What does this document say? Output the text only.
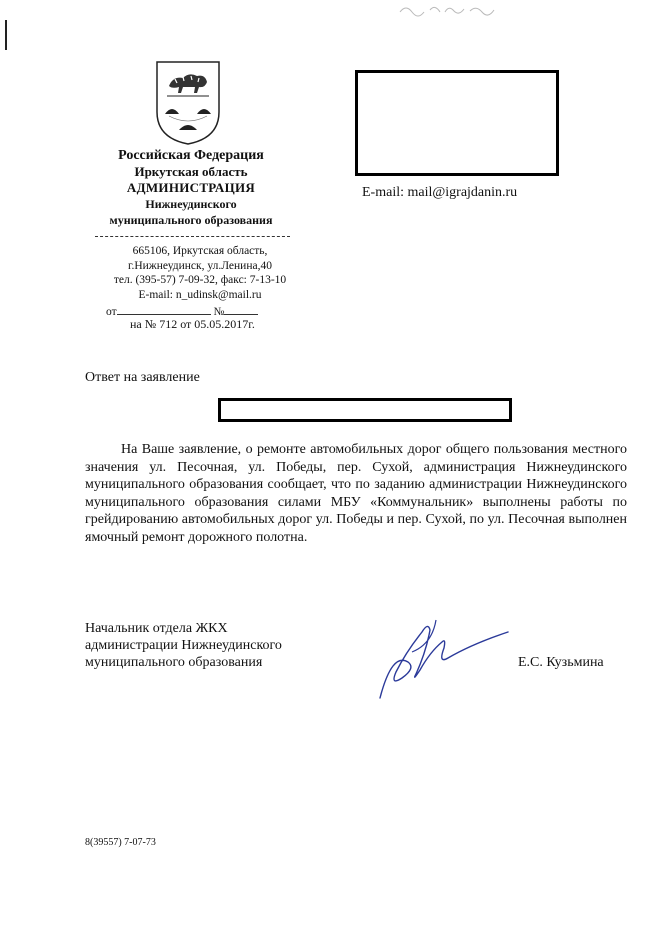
Российская Федерация
Иркутская область
АДМИНИСТРАЦИЯ
Нижнеудинского
муниципального образования
665106, Иркутская область,
г.Нижнеудинск, ул.Ленина,40
тел. (395-57) 7-09-32, факс: 7-13-10
E-mail: n_udinsk@mail.ru
от	№
на № 712 от 05.05.2017г.
E-mail: mail@igrajdanin.ru
Ответ на заявление
На Ваше заявление, о ремонте автомобильных дорог общего пользования местного значения ул. Песочная, ул. Победы, пер. Сухой, администрация Нижнеудинского муниципального образования сообщает, что по заданию администрации Нижнеудинского муниципального образования силами МБУ «Коммунальник» выполнены работы по грейдированию автомобильных дорог ул. Победы и пер. Сухой, по ул. Песочная выполнен ямочный ремонт дорожного полотна.
Начальник отдела ЖКХ
администрации Нижнеудинского
муниципального образования	Е.С. Кузьмина
8(39557) 7-07-73
